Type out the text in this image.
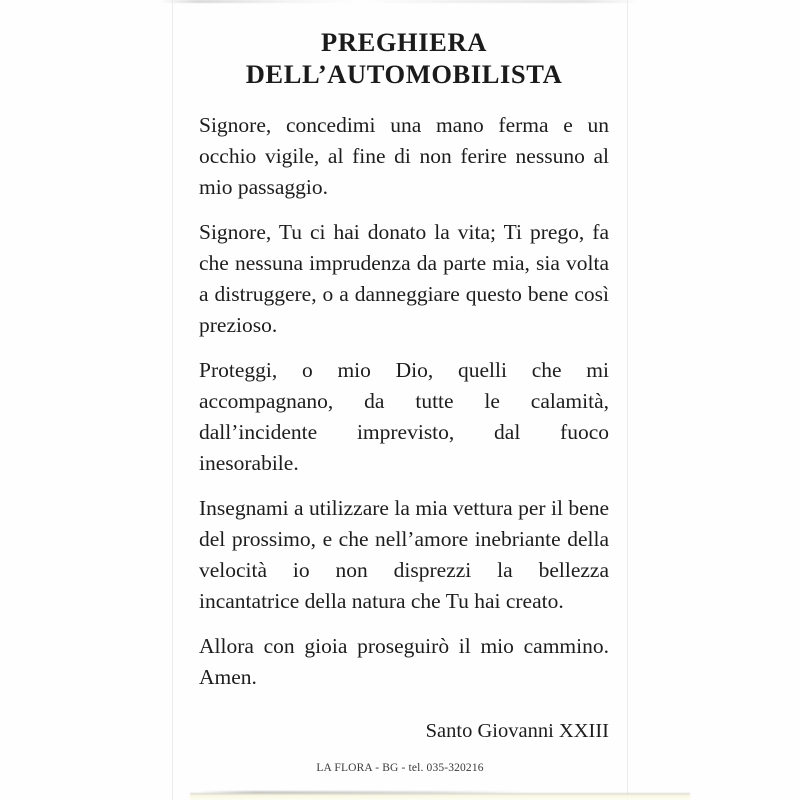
PREGHIERA
DELL’AUTOMOBILISTA

Signore, concedimi una mano ferma e un occhio vigile, al fine di non ferire nessuno al mio passaggio.

Signore, Tu ci hai donato la vita; Ti prego, fa che nessuna imprudenza da parte mia, sia volta a distruggere, o a danneggiare questo bene così prezioso.

Proteggi, o mio Dio, quelli che mi accompagnano, da tutte le calamità, dall’incidente imprevisto, dal fuoco inesorabile.

Insegnami a utilizzare la mia vettura per il bene del prossimo, e che nell’amore inebriante della velocità io non disprezzi la bellezza incantatrice della natura che Tu hai creato.

Allora con gioia proseguirò il mio cammino. Amen.

Santo Giovanni XXIII

LA FLORA - BG - tel. 035-320216
